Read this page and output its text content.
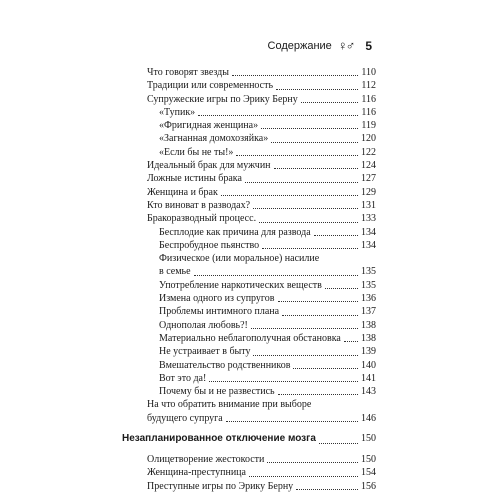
Содержание ♀♂ 5
Что говорят звезды	110
Традиции или современность	112
Супружеские игры по Эрику Берну	116
«Тупик»	116
«Фригидная женщина»	119
«Загнанная домохозяйка»	120
«Если бы не ты!»	122
Идеальный брак для мужчин	124
Ложные истины брака	127
Женщина и брак	129
Кто виноват в разводах?	131
Бракоразводный процесс.	133
Бесплодие как причина для развода	134
Беспробудное пьянство	134
Физическое (или моральное) насилие
в семье	135
Употребление наркотических веществ	135
Измена одного из супругов	136
Проблемы интимного плана	137
Однополая любовь?!	138
Материально неблагополучная обстановка 138
Не устраивает в быту	139
Вмешательство родственников	140
Вот это да!	141
Почему бы и не развестись	143
На что обратить внимание при выборе
будущего супруга	146
Незапланированное отключение мозга	150
Олицетворение жестокости	150
Женщина-преступница	154
Преступные игры по Эрику Берну	156
